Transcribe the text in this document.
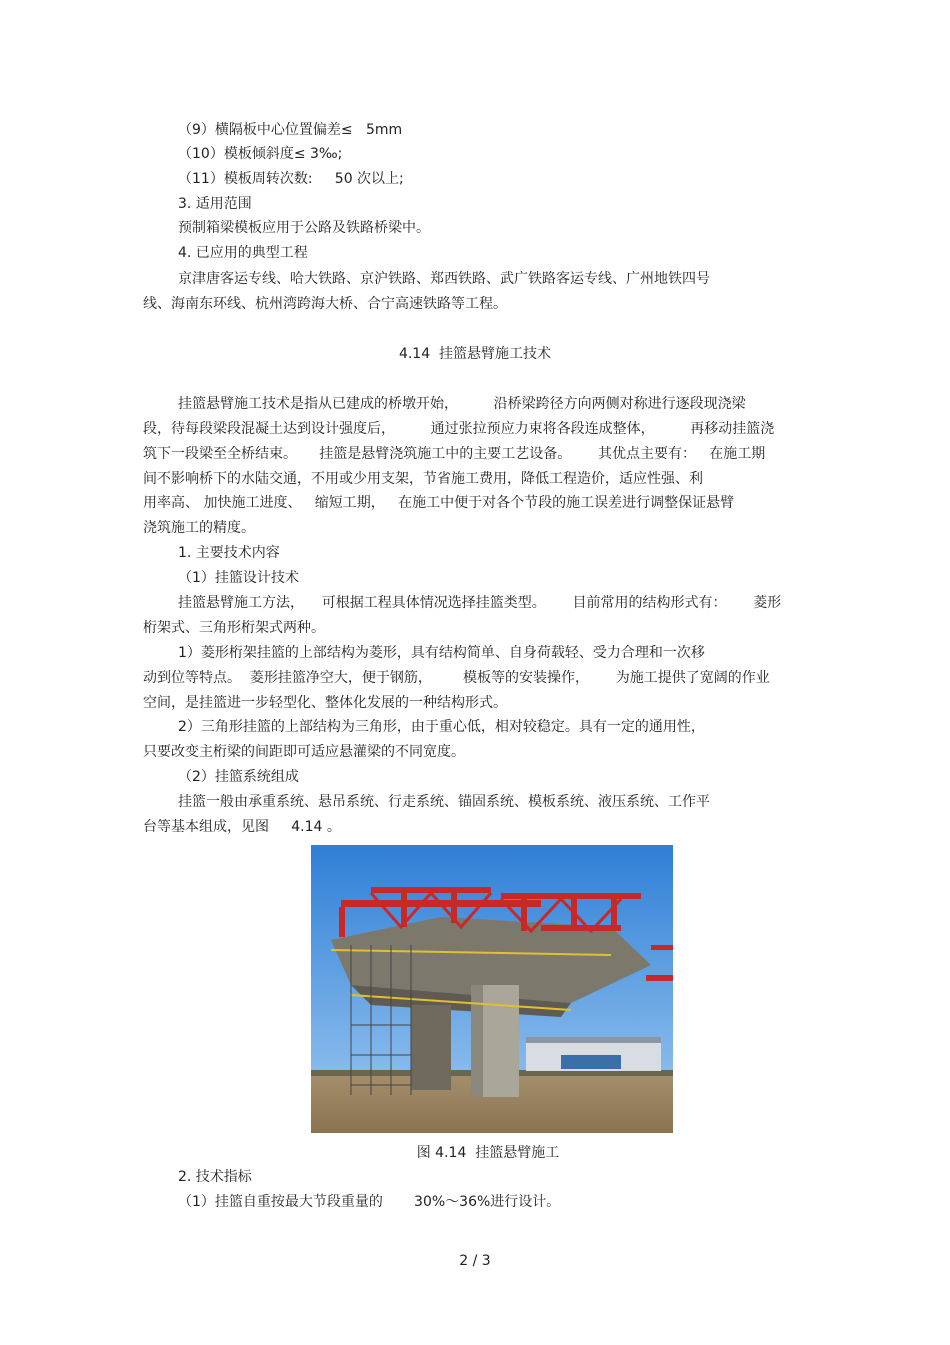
（9）横隔板中心位置偏差≤   5mm
（10）模板倾斜度≤ 3‰;
（11）模板周转次数:     50 次以上;
3. 适用范围
预制箱梁模板应用于公路及铁路桥梁中。
4. 已应用的典型工程
京津唐客运专线、哈大铁路、京沪铁路、郑西铁路、武广铁路客运专线、广州地铁四号
线、海南东环线、杭州湾跨海大桥、合宁高速铁路等工程。
4.14  挂篮悬臂施工技术
挂篮悬臂施工技术是指从已建成的桥墩开始，        沿桥梁跨径方向两侧对称进行逐段现浇梁
段，待每段梁段混凝土达到设计强度后，        通过张拉预应力束将各段连成整体，        再移动挂篮浇
筑下一段梁至全桥结束。     挂篮是悬臂浇筑施工中的主要工艺设备。      其优点主要有：   在施工期
间不影响桥下的水陆交通，不用或少用支架，节省施工费用，降低工程造价，适应性强、利
用率高、 加快施工进度、   缩短工期，   在施工中便于对各个节段的施工误差进行调整保证悬臂
浇筑施工的精度。
1. 主要技术内容
（1）挂篮设计技术
挂篮悬臂施工方法，    可根据工程具体情况选择挂篮类型。      目前常用的结构形式有：      菱形
桁架式、三角形桁架式两种。
1）菱形桁架挂篮的上部结构为菱形，具有结构简单、自身荷载轻、受力合理和一次移
动到位等特点。  菱形挂篮净空大，便于钢筋，       模板等的安装操作，      为施工提供了宽阔的作业
空间，是挂篮进一步轻型化、整体化发展的一种结构形式。
2）三角形挂篮的上部结构为三角形，由于重心低，相对较稳定。具有一定的通用性，
只要改变主桁梁的间距即可适应悬灌梁的不同宽度。
（2）挂篮系统组成
挂篮一般由承重系统、悬吊系统、行走系统、锚固系统、模板系统、液压系统、工作平
台等基本组成，见图     4.14 。
图 4.14  挂篮悬臂施工
2. 技术指标
（1）挂篮自重按最大节段重量的       30%～36%进行设计。
2 / 3
